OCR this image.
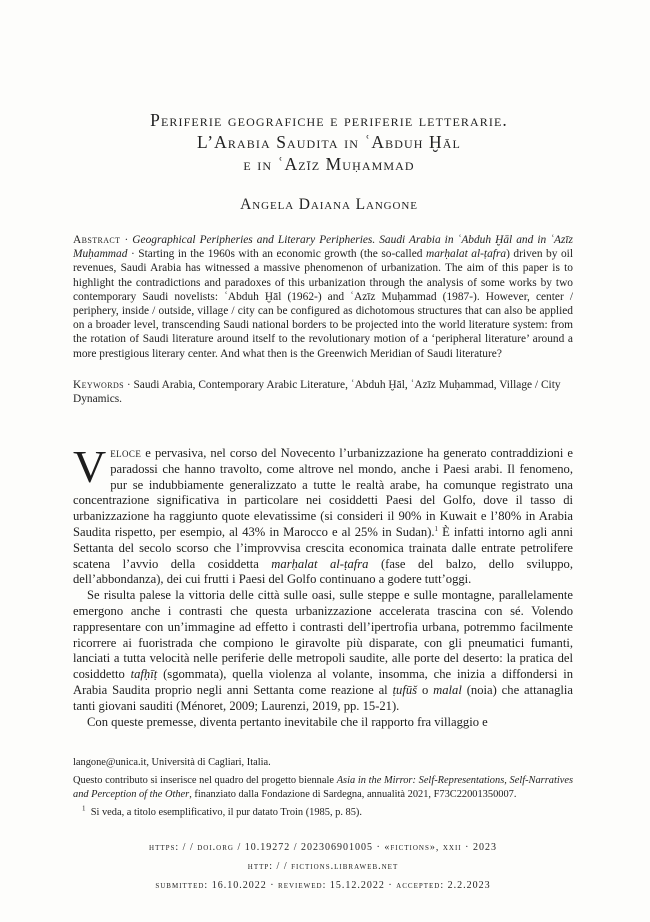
Periferie geografiche e periferie letterarie.
L’Arabia Saudita in ʿAbduh Ḫāl
e in ʿAzīz Muḥammad
Angela Daiana Langone
Abstract · Geographical Peripheries and Literary Peripheries. Saudi Arabia in ʿAbduh Ḫāl and in ʿAzīz Muḥammad · Starting in the 1960s with an economic growth (the so-called marḥalat al-ṭafra) driven by oil revenues, Saudi Arabia has witnessed a massive phenomenon of urbanization. The aim of this paper is to highlight the contradictions and paradoxes of this urbanization through the analysis of some works by two contemporary Saudi novelists: ʿAbduh Ḫāl (1962-) and ʿAzīz Muḥammad (1987-). However, center / periphery, inside / outside, village / city can be configured as dichotomous structures that can also be applied on a broader level, transcending Saudi national borders to be projected into the world literature system: from the rotation of Saudi literature around itself to the revolutionary motion of a ‘peripheral literature’ around a more prestigious literary center. And what then is the Greenwich Meridian of Saudi literature?
Keywords · Saudi Arabia, Contemporary Arabic Literature, ʿAbduh Ḫāl, ʿAzīz Muḥammad, Village / City Dynamics.

Veloce e pervasiva, nel corso del Novecento l’urbanizzazione ha generato contraddizioni e paradossi che hanno travolto, come altrove nel mondo, anche i Paesi arabi. Il fenomeno, pur se indubbiamente generalizzato a tutte le realtà arabe, ha comunque registrato una concentrazione significativa in particolare nei cosiddetti Paesi del Golfo, dove il tasso di urbanizzazione ha raggiunto quote elevatissime (si consideri il 90% in Kuwait e l’80% in Arabia Saudita rispetto, per esempio, al 43% in Marocco e al 25% in Sudan).$^1$ È infatti intorno agli anni Settanta del secolo scorso che l’improvvisa crescita economica trainata dalle entrate petrolifere scatena l’avvio della cosiddetta marḥalat al-ṭafra (fase del balzo, dello sviluppo, dell’abbondanza), dei cui frutti i Paesi del Golfo continuano a godere tutt’oggi.

Se risulta palese la vittoria delle città sulle oasi, sulle steppe e sulle montagne, parallelamente emergono anche i contrasti che questa urbanizzazione accelerata trascina con sé. Volendo rappresentare con un’immagine ad effetto i contrasti dell’ipertrofia urbana, potremmo facilmente ricorrere ai fuoristrada che compiono le giravolte più disparate, con gli pneumatici fumanti, lanciati a tutta velocità nelle periferie delle metropoli saudite, alle porte del deserto: la pratica del cosiddetto tafḥīṭ (sgommata), quella violenza al volante, insomma, che inizia a diffondersi in Arabia Saudita proprio negli anni Settanta come reazione al ṭufūš o malal (noia) che attanaglia tanti giovani sauditi (Ménoret, 2009; Laurenzi, 2019, pp. 15-21).

Con queste premesse, diventa pertanto inevitabile che il rapporto fra villaggio e

langone@unica.it, Università di Cagliari, Italia.
Questo contributo si inserisce nel quadro del progetto biennale Asia in the Mirror: Self-Representations, Self-Narratives and Perception of the Other, finanziato dalla Fondazione di Sardegna, annualità 2021, F73C22001350007.
$^1$ Si veda, a titolo esemplificativo, il pur datato Troin (1985, p. 85).
https: / / doi.org / 10.19272 / 202306901005 · «fictions», xxii · 2023
http: / / fictions.libraweb.net
submitted: 16.10.2022 · reviewed: 15.12.2022 · accepted: 2.2.2023
